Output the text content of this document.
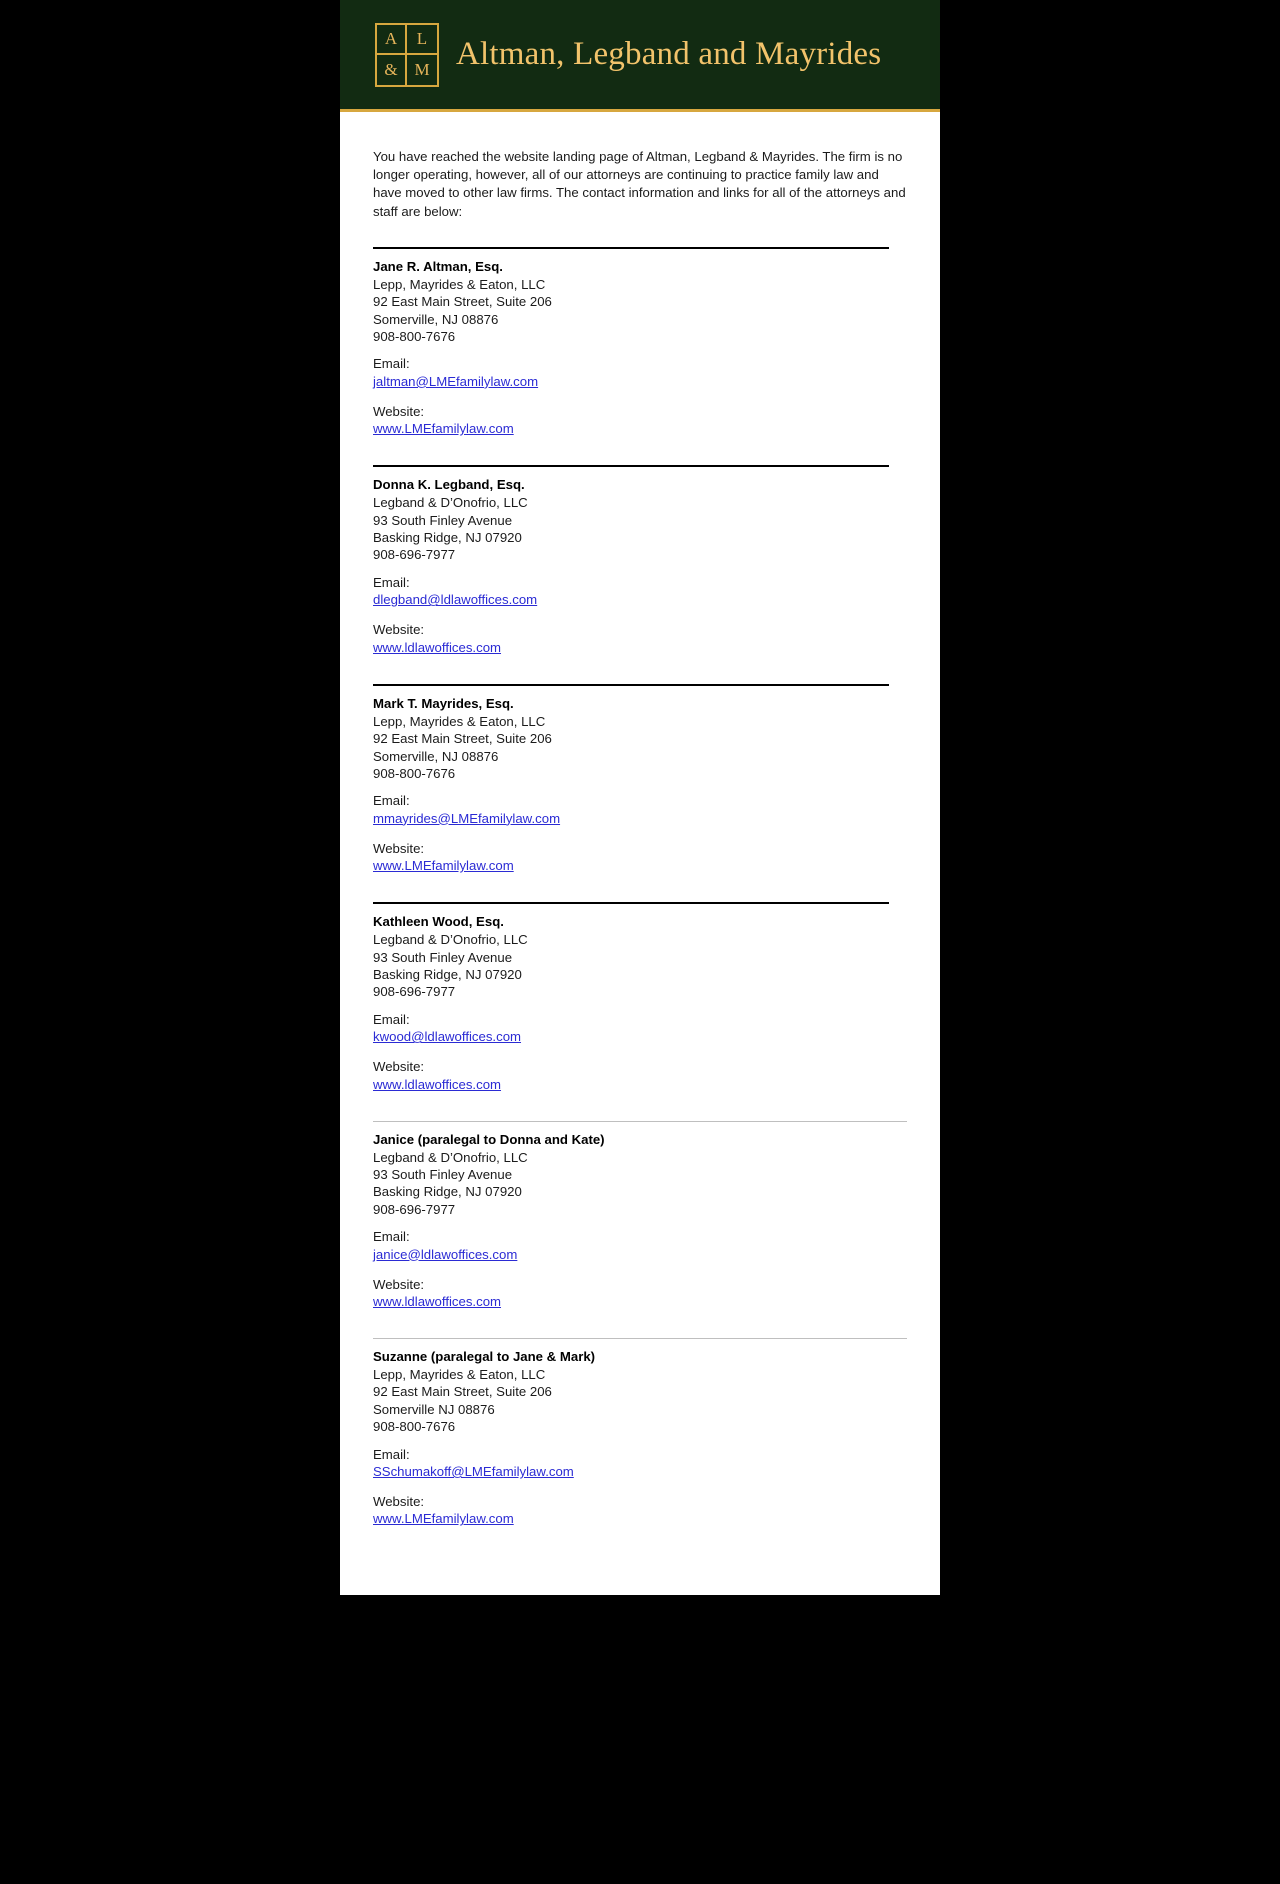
A	L
& M Altman, Legband and Mayrides

You have reached the website landing page of Altman, Legband & Mayrides. The firm is no longer operating, however, all of our attorneys are continuing to practice family law and have moved to other law firms. The contact information and links for all of the attorneys and staff are below:

Jane R. Altman, Esq.
Lepp, Mayrides & Eaton, LLC
92 East Main Street, Suite 206
Somerville, NJ 08876
908-800-7676
Email:
jaltman@LMEfamilylaw.com
Website:
www.LMEfamilylaw.com
Donna K. Legband, Esq.
Legband & D’Onofrio, LLC
93 South Finley Avenue
Basking Ridge, NJ 07920
908-696-7977
Email:
dlegband@ldlawoffices.com
Website:
www.ldlawoffices.com
Mark T. Mayrides, Esq.
Lepp, Mayrides & Eaton, LLC
92 East Main Street, Suite 206
Somerville, NJ 08876
908-800-7676
Email:
mmayrides@LMEfamilylaw.com
Website:
www.LMEfamilylaw.com
Kathleen Wood, Esq.
Legband & D’Onofrio, LLC
93 South Finley Avenue
Basking Ridge, NJ 07920
908-696-7977
Email:
kwood@ldlawoffices.com
Website:
www.ldlawoffices.com
Janice (paralegal to Donna and Kate)
Legband & D’Onofrio, LLC
93 South Finley Avenue
Basking Ridge, NJ 07920
908-696-7977
Email:
janice@ldlawoffices.com
Website:
www.ldlawoffices.com
Suzanne (paralegal to Jane & Mark)
Lepp, Mayrides & Eaton, LLC
92 East Main Street, Suite 206
Somerville NJ 08876
908-800-7676
Email:
SSchumakoff@LMEfamilylaw.com
Website:
www.LMEfamilylaw.com
